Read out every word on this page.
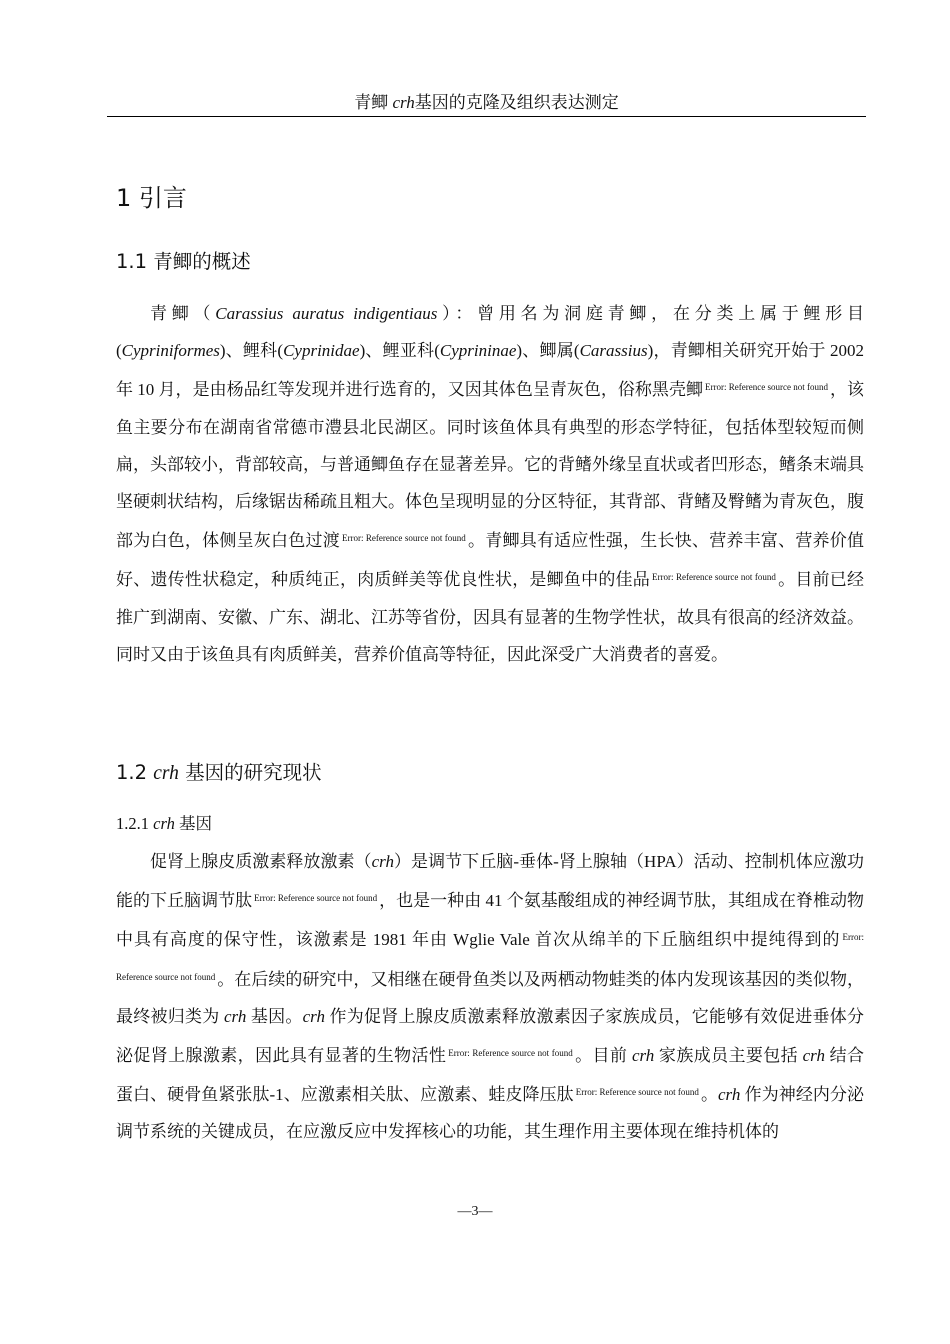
青鲫 crh基因的克隆及组织表达测定
1 引言
1.1 青鲫的概述
青鲫（Carassius auratus indigentiaus）：曾用名为洞庭青鲫，在分类上属于鲤形目(Cypriniformes)、鲤科(Cyprinidae)、鲤亚科(Cyprininae)、鲫属(Carassius)，青鲫相关研究开始于 2002 年 10 月，是由杨品红等发现并进行选育的，又因其体色呈青灰色，俗称黑壳鲫 $^{Error: Reference source not found}$ ，该鱼主要分布在湖南省常德市澧县北民湖区。同时该鱼体具有典型的形态学特征，包括体型较短而侧扁，头部较小，背部较高，与普通鲫鱼存在显著差异。它的背鳍外缘呈直状或者凹形态，鳍条末端具坚硬刺状结构，后缘锯齿稀疏且粗大。体色呈现明显的分区特征，其背部、背鳍及臀鳍为青灰色，腹部为白色，体侧呈灰白色过渡 $^{Error: Reference source not found}$ 。青鲫具有适应性强，生长快、营养丰富、营养价值好、遗传性状稳定，种质纯正，肉质鲜美等优良性状，是鲫鱼中的佳品 $^{Error: Reference source not found}$ 。目前已经推广到湖南、安徽、广东、湖北、江苏等省份，因具有显著的生物学性状，故具有很高的经济效益。同时又由于该鱼具有肉质鲜美，营养价值高等特征，因此深受广大消费者的喜爱。
1.2 crh 基因的研究现状
1.2.1 crh 基因
促肾上腺皮质激素释放激素（crh）是调节下丘脑-垂体-肾上腺轴（HPA）活动、控制机体应激功能的下丘脑调节肽 $^{Error: Reference source not found}$ ，也是一种由 41 个氨基酸组成的神经调节肽，其组成在脊椎动物中具有高度的保守性，该激素是 1981 年由 Wglie Vale 首次从绵羊的下丘脑组织中提纯得到的 $^{Error: Reference source not found}$ 。在后续的研究中，又相继在硬骨鱼类以及两栖动物蛙类的体内发现该基因的类似物，最终被归类为 crh 基因。crh 作为促肾上腺皮质激素释放激素因子家族成员，它能够有效促进垂体分泌促肾上腺激素，因此具有显著的生物活性 $^{Error: Reference source not found}$ 。目前 crh 家族成员主要包括 crh 结合蛋白、硬骨鱼紧张肽-1、应激素相关肽、应激素、蛙皮降压肽 $^{Error: Reference source not found}$ 。crh 作为神经内分泌调节系统的关键成员，在应激反应中发挥核心的功能，其生理作用主要体现在维持机体的
—3—
